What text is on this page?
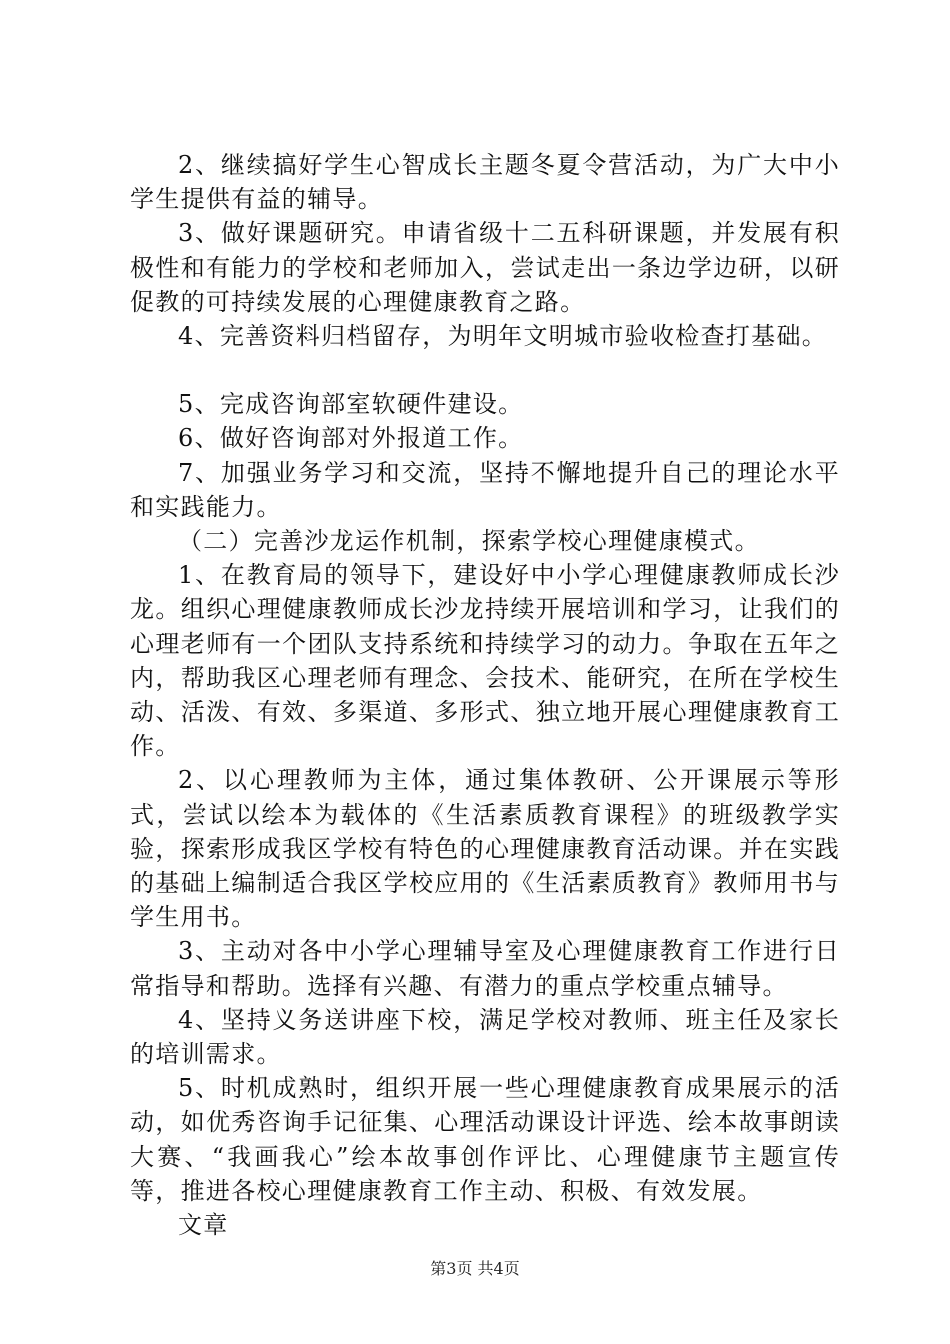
2、继续搞好学生心智成长主题冬夏令营活动，为广大中小学生提供有益的辅导。

3、做好课题研究。申请省级十二五科研课题，并发展有积极性和有能力的学校和老师加入，尝试走出一条边学边研，以研促教的可持续发展的心理健康教育之路。

4、完善资料归档留存，为明年文明城市验收检查打基础。

5、完成咨询部室软硬件建设。

6、做好咨询部对外报道工作。

7、加强业务学习和交流，坚持不懈地提升自己的理论水平和实践能力。

（二）完善沙龙运作机制，探索学校心理健康模式。

1、在教育局的领导下，建设好中小学心理健康教师成长沙龙。组织心理健康教师成长沙龙持续开展培训和学习，让我们的心理老师有一个团队支持系统和持续学习的动力。争取在五年之内，帮助我区心理老师有理念、会技术、能研究，在所在学校生动、活泼、有效、多渠道、多形式、独立地开展心理健康教育工作。

2、以心理教师为主体，通过集体教研、公开课展示等形式，尝试以绘本为载体的《生活素质教育课程》的班级教学实验，探索形成我区学校有特色的心理健康教育活动课。并在实践的基础上编制适合我区学校应用的《生活素质教育》教师用书与学生用书。

3、主动对各中小学心理辅导室及心理健康教育工作进行日常指导和帮助。选择有兴趣、有潜力的重点学校重点辅导。

4、坚持义务送讲座下校，满足学校对教师、班主任及家长的培训需求。

5、时机成熟时，组织开展一些心理健康教育成果展示的活动，如优秀咨询手记征集、心理活动课设计评选、绘本故事朗读大赛、“我画我心”绘本故事创作评比、心理健康节主题宣传等，推进各校心理健康教育工作主动、积极、有效发展。

文章

第3页 共4页
